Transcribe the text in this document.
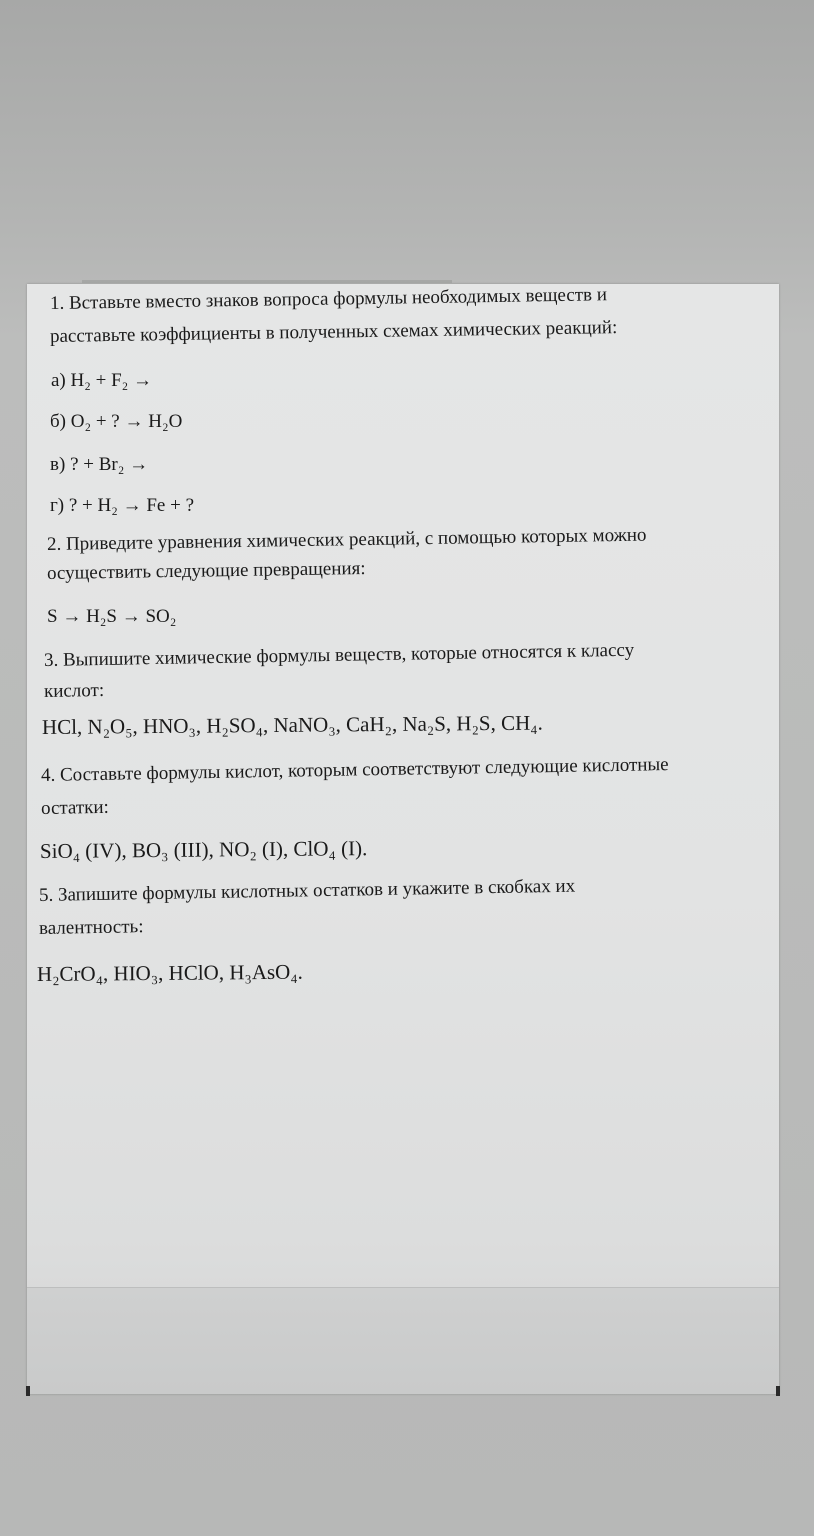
1. Вставьте вместо знаков вопроса формулы необходимых веществ и
расставьте коэффициенты в полученных схемах химических реакций:
а) H₂ + F₂ →
б) O₂ + ? → H₂O
в) ? + Br₂ →
г) ? + H₂ → Fe + ?
2. Приведите уравнения химических реакций, с помощью которых можно
осуществить следующие превращения:
S → H₂S → SO₂
3. Выпишите химические формулы веществ, которые относятся к классу
кислот:
HCl, N₂O₅, HNO₃, H₂SO₄, NaNO₃, CaH₂, Na₂S, H₂S, CH₄.
4. Составьте формулы кислот, которым соответствуют следующие кислотные
остатки:
SiO₄ (IV), BO₃ (III), NO₂ (I), ClO₄ (I).
5. Запишите формулы кислотных остатков и укажите в скобках их
валентность:
H₂CrO₄, HIO₃, HClO, H₃AsO₄.
